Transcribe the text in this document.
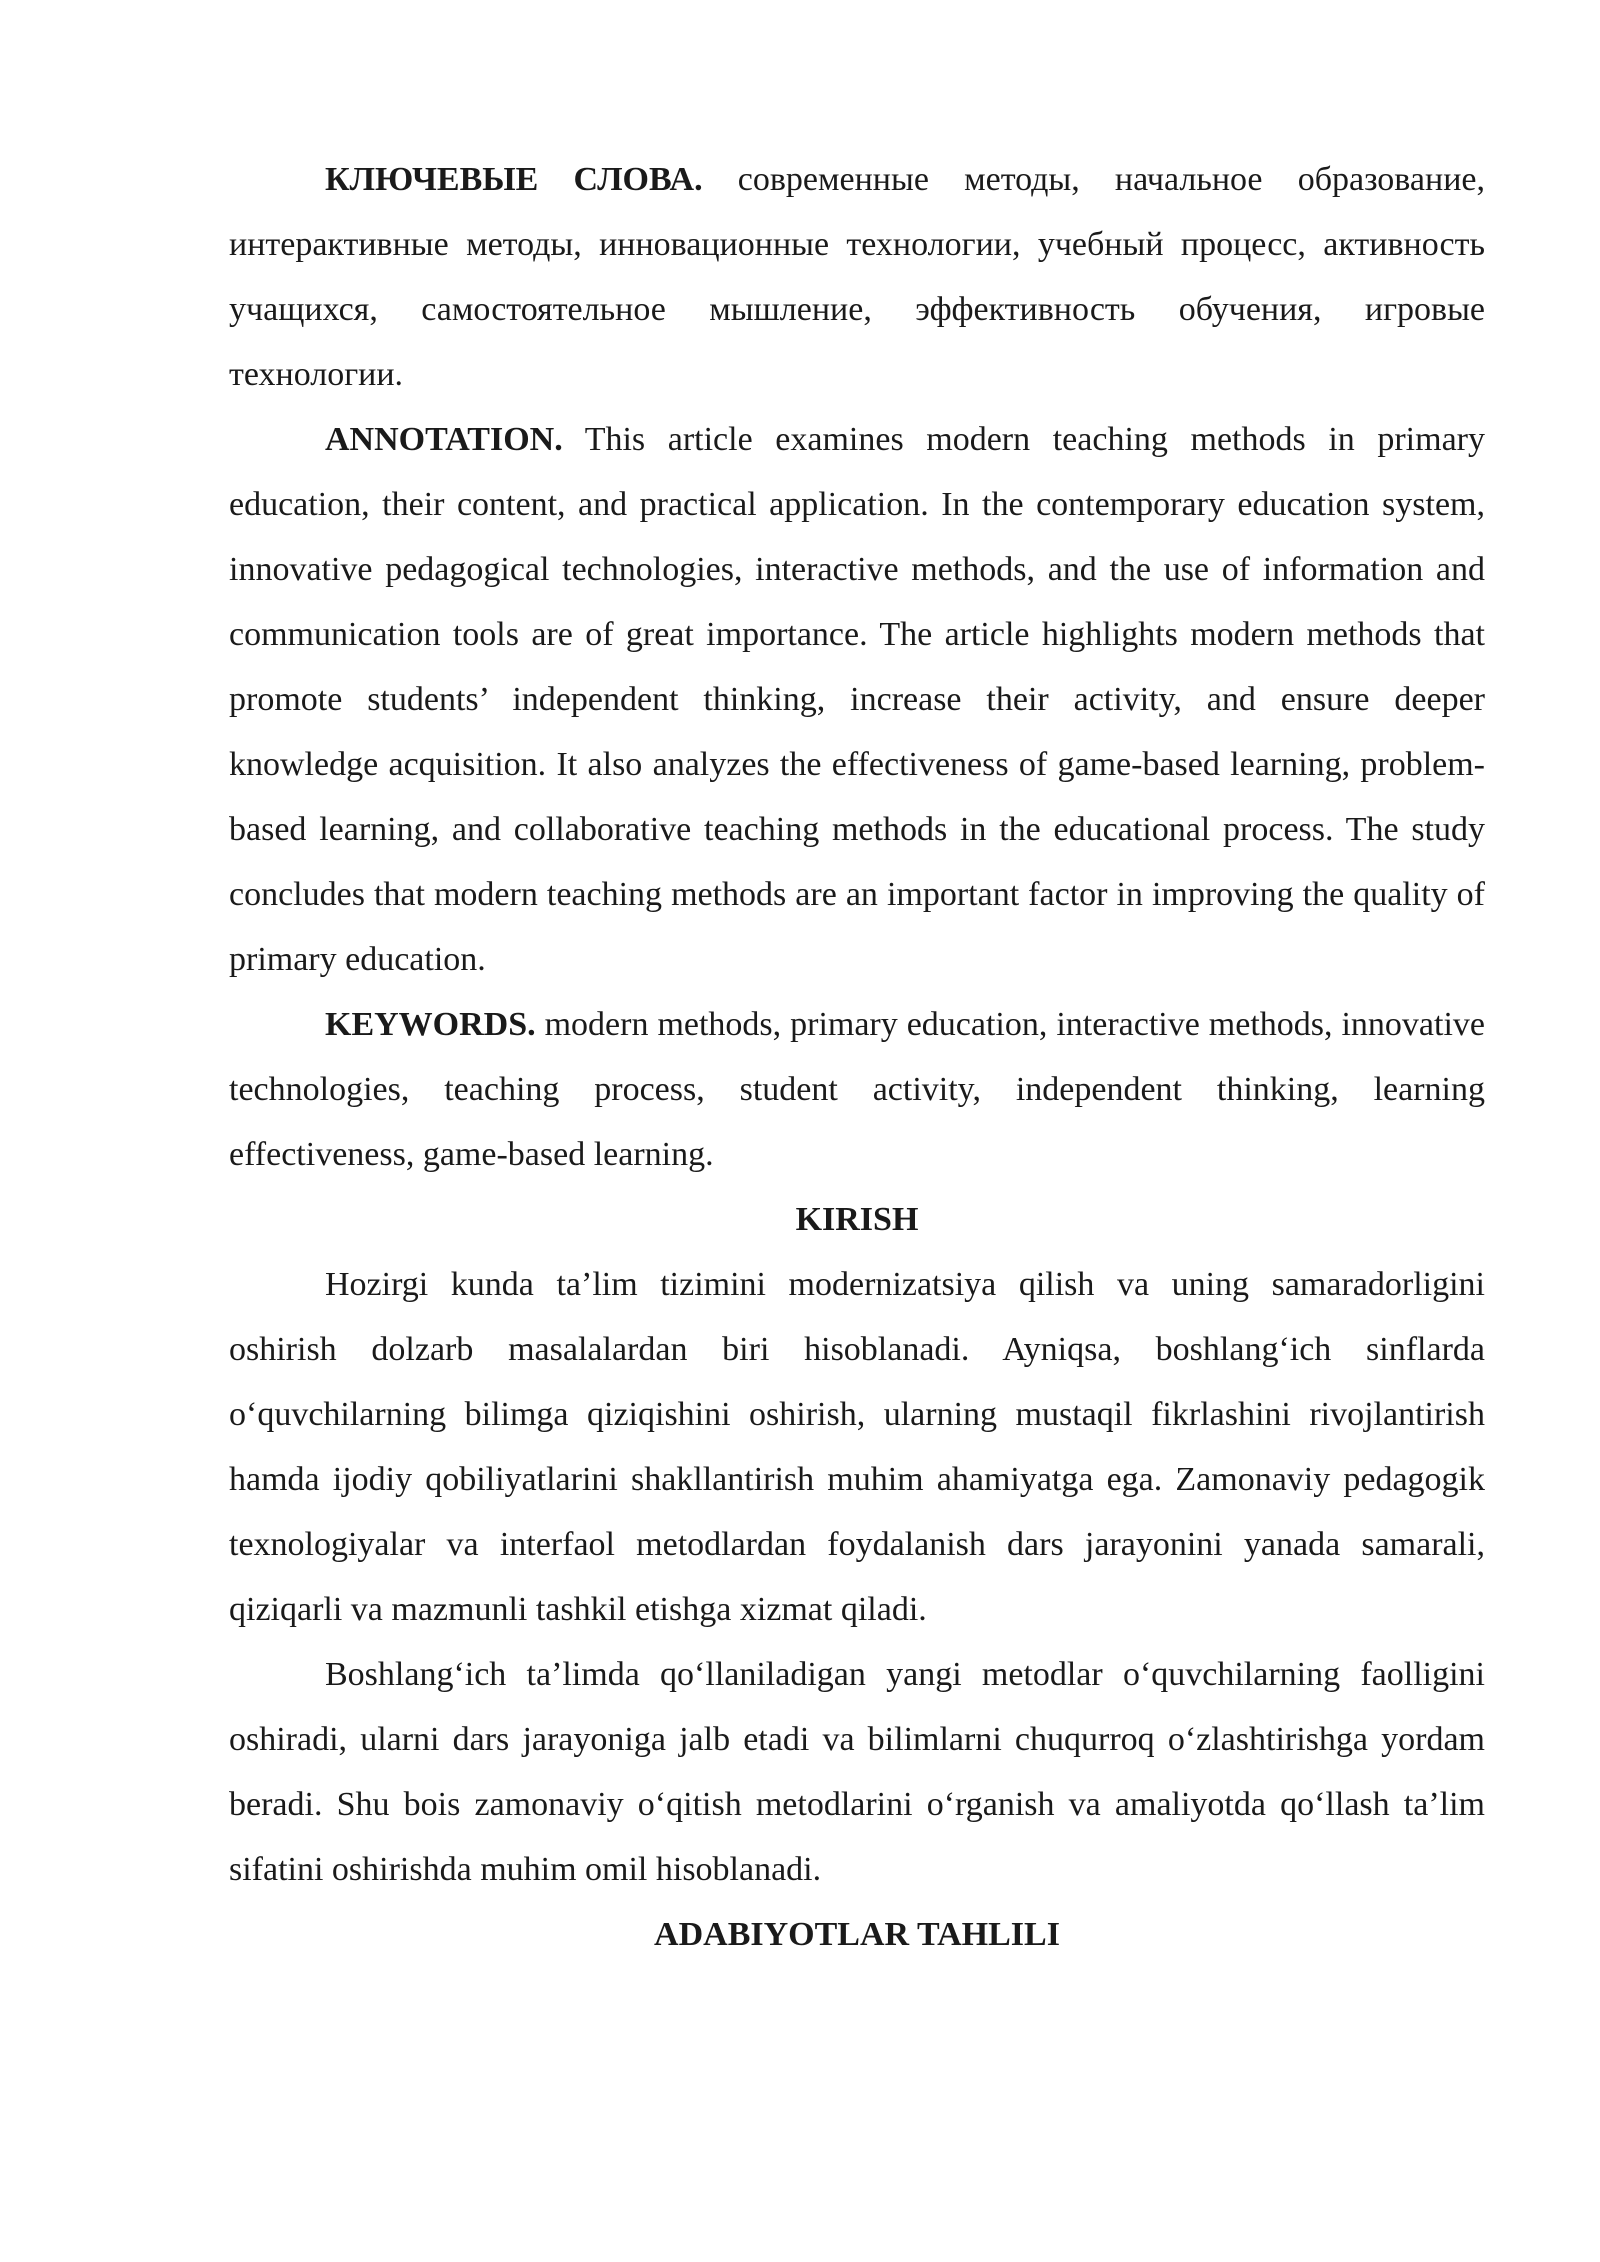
КЛЮЧЕВЫЕ СЛОВА. современные методы, начальное образование, интерактивные методы, инновационные технологии, учебный процесс, активность учащихся, самостоятельное мышление, эффективность обучения, игровые технологии.

ANNOTATION. This article examines modern teaching methods in primary education, their content, and practical application. In the contemporary education system, innovative pedagogical technologies, interactive methods, and the use of information and communication tools are of great importance. The article highlights modern methods that promote students’ independent thinking, increase their activity, and ensure deeper knowledge acquisition. It also analyzes the effectiveness of game-based learning, problem-based learning, and collaborative teaching methods in the educational process. The study concludes that modern teaching methods are an important factor in improving the quality of primary education.

KEYWORDS. modern methods, primary education, interactive methods, innovative technologies, teaching process, student activity, independent thinking, learning effectiveness, game-based learning.

KIRISH

Hozirgi kunda ta’lim tizimini modernizatsiya qilish va uning samaradorligini oshirish dolzarb masalalardan biri hisoblanadi. Ayniqsa, boshlang‘ich sinflarda o‘quvchilarning bilimga qiziqishini oshirish, ularning mustaqil fikrlashini rivojlantirish hamda ijodiy qobiliyatlarini shakllantirish muhim ahamiyatga ega. Zamonaviy pedagogik texnologiyalar va interfaol metodlardan foydalanish dars jarayonini yanada samarali, qiziqarli va mazmunli tashkil etishga xizmat qiladi.

Boshlang‘ich ta’limda qo‘llaniladigan yangi metodlar o‘quvchilarning faolligini oshiradi, ularni dars jarayoniga jalb etadi va bilimlarni chuqurroq o‘zlashtirishga yordam beradi. Shu bois zamonaviy o‘qitish metodlarini o‘rganish va amaliyotda qo‘llash ta’lim sifatini oshirishda muhim omil hisoblanadi.

ADABIYOTLAR TAHLILI
